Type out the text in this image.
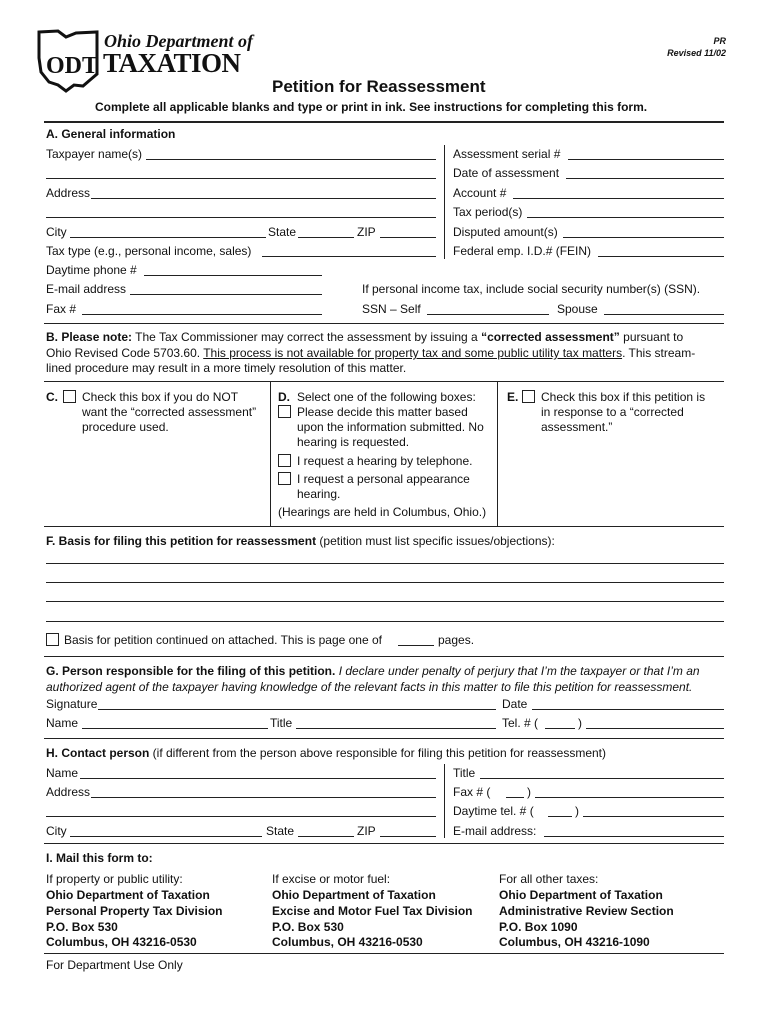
ODT
Ohio Department of
TAXATION
PR
Revised 11/02
Petition for Reassessment
Complete all applicable blanks and type or print in ink. See instructions for completing this form.
A. General information
Taxpayer name(s)
Address
City	State	ZIP
Tax type (e.g., personal income, sales)
Daytime phone #
E-mail address
Fax #
Assessment serial #
Date of assessment
Account #
Tax period(s)
Disputed amount(s)
Federal emp. I.D.# (FEIN)
If personal income tax, include social security number(s) (SSN).
SSN – Self	Spouse
B. Please note: The Tax Commissioner may correct the assessment by issuing a “corrected assessment” pursuant to
Ohio Revised Code 5703.60. This process is not available for property tax and some public utility tax matters. This stream-
lined procedure may result in a more timely resolution of this matter.
C. Check this box if you do NOT
want the “corrected assessment”
procedure used.
D. Select one of the following boxes:
Please decide this matter based
upon the information submitted. No
hearing is requested.
I request a hearing by telephone.
I request a personal appearance
hearing.
(Hearings are held in Columbus, Ohio.)
E. Check this box if this petition is
in response to a “corrected
assessment.”
F. Basis for filing this petition for reassessment (petition must list specific issues/objections):
Basis for petition continued on attached. This is page one of	pages.
G. Person responsible for the filing of this petition. I declare under penalty of perjury that I’m the taxpayer or that I’m an
authorized agent of the taxpayer having knowledge of the relevant facts in this matter to file this petition for reassessment.
Signature	Date
Name	Title	Tel. # (	)
H. Contact person (if different from the person above responsible for filing this petition for reassessment)
Name
Address
City	State	ZIP
Title
Fax # (	)
Daytime tel. # (	)
E-mail address:
I. Mail this form to:
If property or public utility:
Ohio Department of Taxation
Personal Property Tax Division
P.O. Box 530
Columbus, OH 43216-0530
If excise or motor fuel:
Ohio Department of Taxation
Excise and Motor Fuel Tax Division
P.O. Box 530
Columbus, OH 43216-0530
For all other taxes:
Ohio Department of Taxation
Administrative Review Section
P.O. Box 1090
Columbus, OH 43216-1090
For Department Use Only
